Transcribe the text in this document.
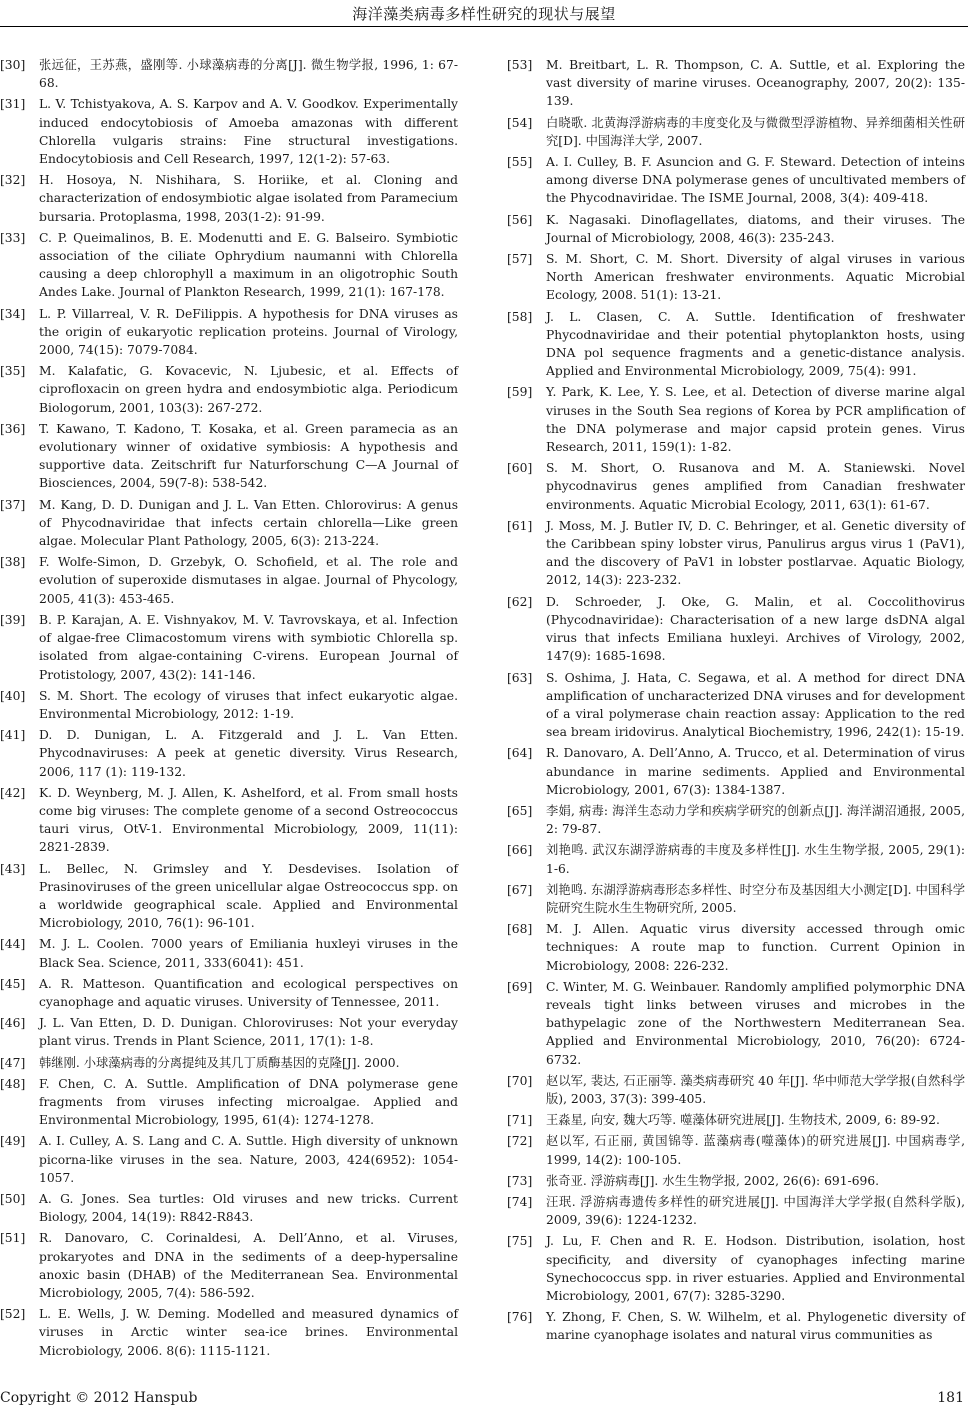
海洋藻类病毒多样性研究的现状与展望
[30]	张远征，王苏燕，盛刚等. 小球藻病毒的分离[J]. 微生物学报, 1996, 1: 67-68.
[31]	L. V. Tchistyakova, A. S. Karpov and A. V. Goodkov. Experimentally induced endocytobiosis of Amoeba amazonas with different Chlorella vulgaris strains: Fine structural investigations. Endocytobiosis and Cell Research, 1997, 12(1-2): 57-63.
[32]	H. Hosoya, N. Nishihara, S. Horiike, et al. Cloning and characterization of endosymbiotic algae isolated from Paramecium bursaria. Protoplasma, 1998, 203(1-2): 91-99.
[33]	C. P. Queimalinos, B. E. Modenutti and E. G. Balseiro. Symbiotic association of the ciliate Ophrydium naumanni with Chlorella causing a deep chlorophyll a maximum in an oligotrophic South Andes Lake. Journal of Plankton Research, 1999, 21(1): 167-178.
[34]	L. P. Villarreal, V. R. DeFilippis. A hypothesis for DNA viruses as the origin of eukaryotic replication proteins. Journal of Virology, 2000, 74(15): 7079-7084.
[35]	M. Kalafatic, G. Kovacevic, N. Ljubesic, et al. Effects of ciprofloxacin on green hydra and endosymbiotic alga. Periodicum Biologorum, 2001, 103(3): 267-272.
[36]	T. Kawano, T. Kadono, T. Kosaka, et al. Green paramecia as an evolutionary winner of oxidative symbiosis: A hypothesis and supportive data. Zeitschrift fur Naturforschung C—A Journal of Biosciences, 2004, 59(7-8): 538-542.
[37]	M. Kang, D. D. Dunigan and J. L. Van Etten. Chlorovirus: A genus of Phycodnaviridae that infects certain chlorella—Like green algae. Molecular Plant Pathology, 2005, 6(3): 213-224.
[38]	F. Wolfe-Simon, D. Grzebyk, O. Schofield, et al. The role and evolution of superoxide dismutases in algae. Journal of Phycology, 2005, 41(3): 453-465.
[39]	B. P. Karajan, A. E. Vishnyakov, M. V. Tavrovskaya, et al. Infection of algae-free Climacostomum virens with symbiotic Chlorella sp. isolated from algae-containing C-virens. European Journal of Protistology, 2007, 43(2): 141-146.
[40]	S. M. Short. The ecology of viruses that infect eukaryotic algae. Environmental Microbiology, 2012: 1-19.
[41]	D. D. Dunigan, L. A. Fitzgerald and J. L. Van Etten. Phycodnaviruses: A peek at genetic diversity. Virus Research, 2006, 117 (1): 119-132.
[42]	K. D. Weynberg, M. J. Allen, K. Ashelford, et al. From small hosts come big viruses: The complete genome of a second Ostreococcus tauri virus, OtV-1. Environmental Microbiology, 2009, 11(11): 2821-2839.
[43]	L. Bellec, N. Grimsley and Y. Desdevises. Isolation of Prasinoviruses of the green unicellular algae Ostreococcus spp. on a worldwide geographical scale. Applied and Environmental Microbiology, 2010, 76(1): 96-101.
[44]	M. J. L. Coolen. 7000 years of Emiliania huxleyi viruses in the Black Sea. Science, 2011, 333(6041): 451.
[45]	A. R. Matteson. Quantification and ecological perspectives on cyanophage and aquatic viruses. University of Tennessee, 2011.
[46]	J. L. Van Etten, D. D. Dunigan. Chloroviruses: Not your everyday plant virus. Trends in Plant Science, 2011, 17(1): 1-8.
[47]	韩继刚. 小球藻病毒的分离提纯及其几丁质酶基因的克隆[J]. 2000.
[48]	F. Chen, C. A. Suttle. Amplification of DNA polymerase gene fragments from viruses infecting microalgae. Applied and Environmental Microbiology, 1995, 61(4): 1274-1278.
[49]	A. I. Culley, A. S. Lang and C. A. Suttle. High diversity of unknown picorna-like viruses in the sea. Nature, 2003, 424(6952): 1054-1057.
[50]	A. G. Jones. Sea turtles: Old viruses and new tricks. Current Biology, 2004, 14(19): R842-R843.
[51]	R. Danovaro, C. Corinaldesi, A. Dell’Anno, et al. Viruses, prokaryotes and DNA in the sediments of a deep-hypersaline anoxic basin (DHAB) of the Mediterranean Sea. Environmental Microbiology, 2005, 7(4): 586-592.
[52]	L. E. Wells, J. W. Deming. Modelled and measured dynamics of viruses in Arctic winter sea-ice brines. Environmental Microbiology, 2006. 8(6): 1115-1121.
[53]	M. Breitbart, L. R. Thompson, C. A. Suttle, et al. Exploring the vast diversity of marine viruses. Oceanography, 2007, 20(2): 135-139.
[54]	白晓歌. 北黄海浮游病毒的丰度变化及与微微型浮游植物、异养细菌相关性研究[D]. 中国海洋大学, 2007.
[55]	A. I. Culley, B. F. Asuncion and G. F. Steward. Detection of inteins among diverse DNA polymerase genes of uncultivated members of the Phycodnaviridae. The ISME Journal, 2008, 3(4): 409-418.
[56]	K. Nagasaki. Dinoflagellates, diatoms, and their viruses. The Journal of Microbiology, 2008, 46(3): 235-243.
[57]	S. M. Short, C. M. Short. Diversity of algal viruses in various North American freshwater environments. Aquatic Microbial Ecology, 2008. 51(1): 13-21.
[58]	J. L. Clasen, C. A. Suttle. Identification of freshwater Phycodnaviridae and their potential phytoplankton hosts, using DNA pol sequence fragments and a genetic-distance analysis. Applied and Environmental Microbiology, 2009, 75(4): 991.
[59]	Y. Park, K. Lee, Y. S. Lee, et al. Detection of diverse marine algal viruses in the South Sea regions of Korea by PCR amplification of the DNA polymerase and major capsid protein genes. Virus Research, 2011, 159(1): 1-82.
[60]	S. M. Short, O. Rusanova and M. A. Staniewski. Novel phycodnavirus genes amplified from Canadian freshwater environments. Aquatic Microbial Ecology, 2011, 63(1): 61-67.
[61]	J. Moss, M. J. Butler IV, D. C. Behringer, et al. Genetic diversity of the Caribbean spiny lobster virus, Panulirus argus virus 1 (PaV1), and the discovery of PaV1 in lobster postlarvae. Aquatic Biology, 2012, 14(3): 223-232.
[62]	D. Schroeder, J. Oke, G. Malin, et al. Coccolithovirus (Phycodnaviridae): Characterisation of a new large dsDNA algal virus that infects Emiliana huxleyi. Archives of Virology, 2002, 147(9): 1685-1698.
[63]	S. Oshima, J. Hata, C. Segawa, et al. A method for direct DNA amplification of uncharacterized DNA viruses and for development of a viral polymerase chain reaction assay: Application to the red sea bream iridovirus. Analytical Biochemistry, 1996, 242(1): 15-19.
[64]	R. Danovaro, A. Dell’Anno, A. Trucco, et al. Determination of virus abundance in marine sediments. Applied and Environmental Microbiology, 2001, 67(3): 1384-1387.
[65]	李娟, 病毒: 海洋生态动力学和疾病学研究的创新点[J]. 海洋湖沼通报, 2005, 2: 79-87.
[66]	刘艳鸣. 武汉东湖浮游病毒的丰度及多样性[J]. 水生生物学报, 2005, 29(1): 1-6.
[67]	刘艳鸣. 东湖浮游病毒形态多样性、时空分布及基因组大小测定[D]. 中国科学院研究生院水生生物研究所, 2005.
[68]	M. J. Allen. Aquatic virus diversity accessed through omic techniques: A route map to function. Current Opinion in Microbiology, 2008: 226-232.
[69]	C. Winter, M. G. Weinbauer. Randomly amplified polymorphic DNA reveals tight links between viruses and microbes in the bathypelagic zone of the Northwestern Mediterranean Sea. Applied and Environmental Microbiology, 2010, 76(20): 6724-6732.
[70]	赵以军, 裴达, 石正丽等. 藻类病毒研究 40 年[J]. 华中师范大学学报(自然科学版), 2003, 37(3): 399-405.
[71]	王淼星, 向安, 魏大巧等. 噬藻体研究进展[J]. 生物技术, 2009, 6: 89-92.
[72]	赵以军, 石正丽, 黄国锦等. 蓝藻病毒(噬藻体)的研究进展[J]. 中国病毒学, 1999, 14(2): 100-105.
[73]	张奇亚. 浮游病毒[J]. 水生生物学报, 2002, 26(6): 691-696.
[74]	汪珉. 浮游病毒遗传多样性的研究进展[J]. 中国海洋大学学报(自然科学版), 2009, 39(6): 1224-1232.
[75]	J. Lu, F. Chen and R. E. Hodson. Distribution, isolation, host specificity, and diversity of cyanophages infecting marine Synechococcus spp. in river estuaries. Applied and Environmental Microbiology, 2001, 67(7): 3285-3290.
[76]	Y. Zhong, F. Chen, S. W. Wilhelm, et al. Phylogenetic diversity of marine cyanophage isolates and natural virus communities as
Copyright © 2012 Hanspub	181
